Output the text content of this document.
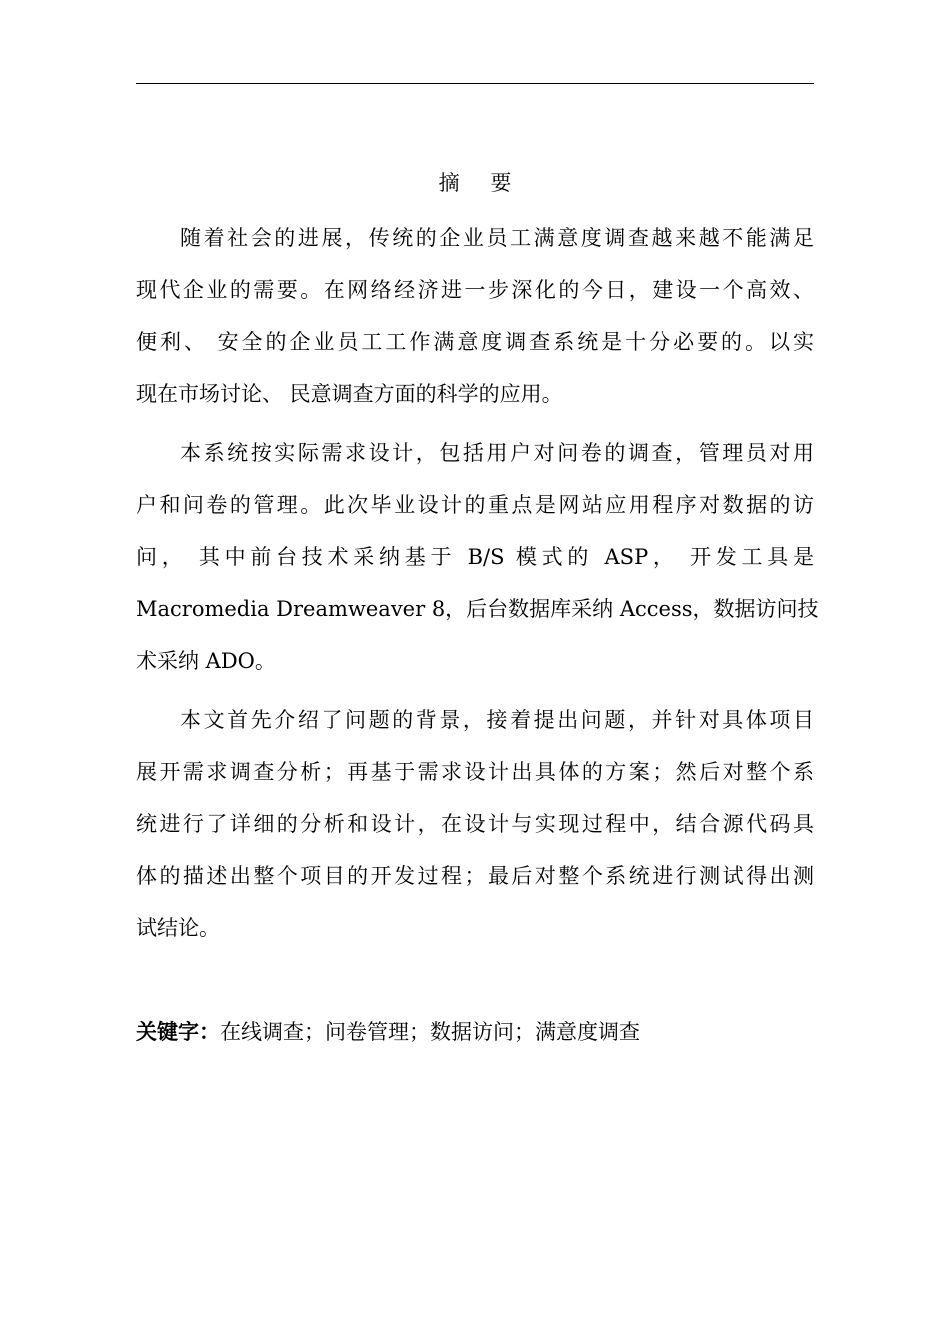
摘 要

随着社会的进展，传统的企业员工满意度调查越来越不能满足
现代企业的需要。在网络经济进一步深化的今日，建设一个高效、
便利、 安全的企业员工工作满意度调查系统是十分必要的。以实
现在市场讨论、 民意调查方面的科学的应用。

本系统按实际需求设计，包括用户对问卷的调查，管理员对用
户和问卷的管理。此次毕业设计的重点是网站应用程序对数据的访
问， 其中前台技术采纳基于 B/S 模式的 ASP， 开发工具是
Macromedia Dreamweaver 8，后台数据库采纳 Access，数据访问技
术采纳 ADO。

本文首先介绍了问题的背景，接着提出问题，并针对具体项目
展开需求调查分析；再基于需求设计出具体的方案；然后对整个系
统进行了详细的分析和设计，在设计与实现过程中，结合源代码具
体的描述出整个项目的开发过程；最后对整个系统进行测试得出测
试结论。

关键字：在线调查；问卷管理；数据访问；满意度调查
